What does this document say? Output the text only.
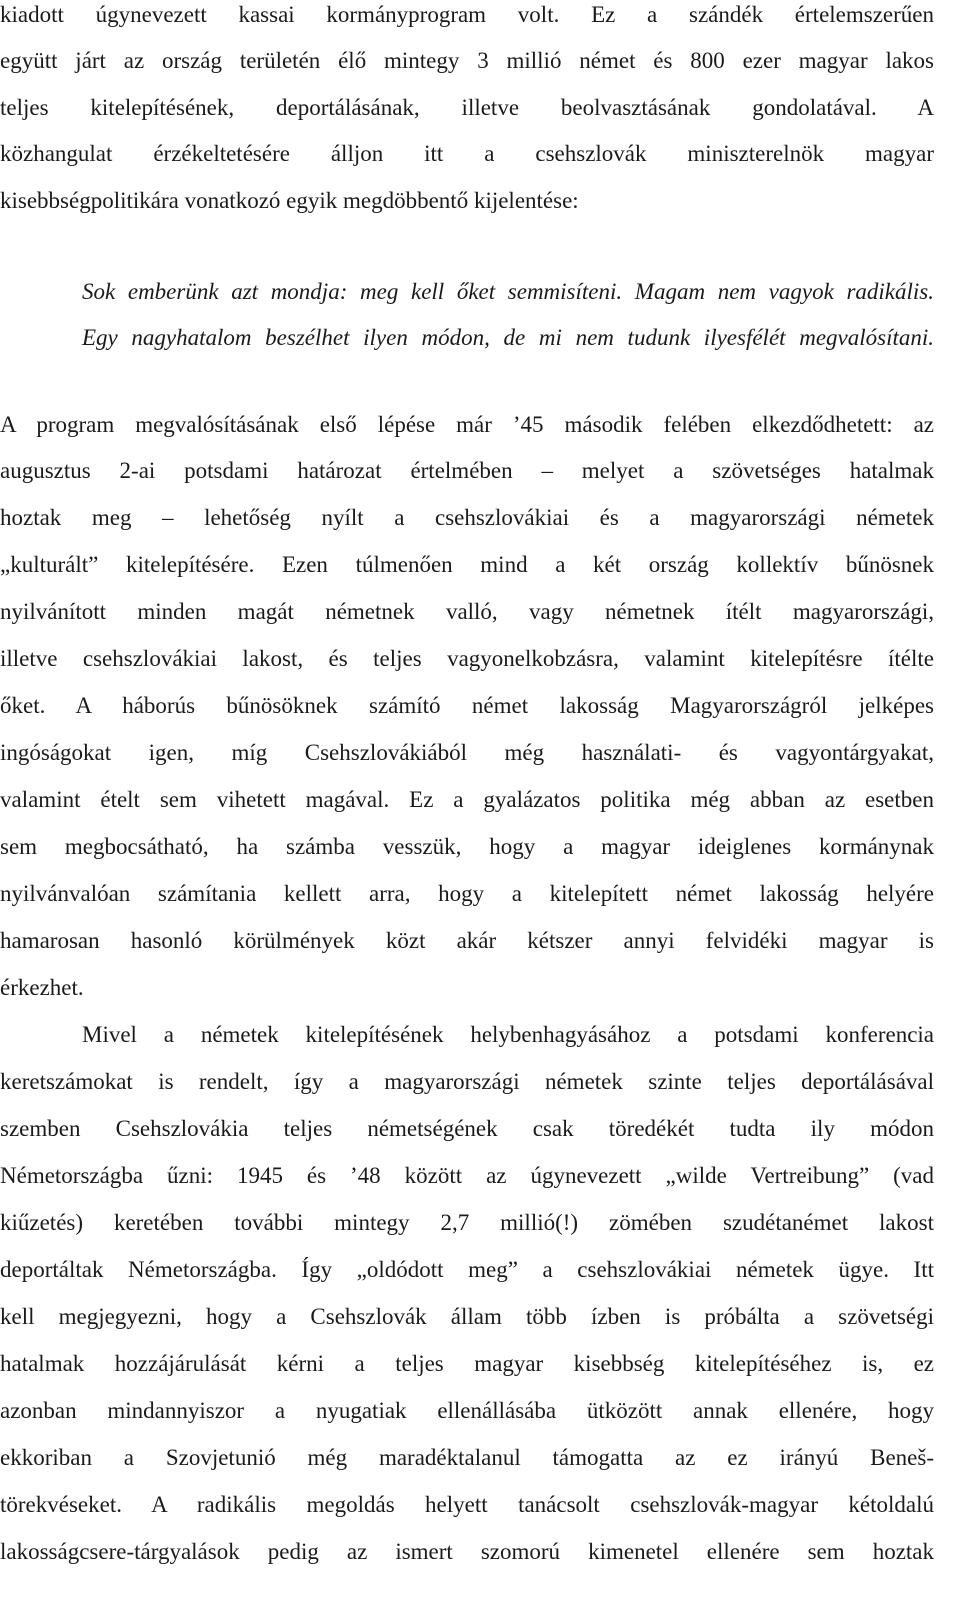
kiadott úgynevezett kassai kormányprogram volt. Ez a szándék értelemszerűen
együtt járt az ország területén élő mintegy 3 millió német és 800 ezer magyar lakos
teljes kitelepítésének, deportálásának, illetve beolvasztásának gondolatával. A
közhangulat érzékeltetésére álljon itt a csehszlovák miniszterelnök magyar
kisebbségpolitikára vonatkozó egyik megdöbbentő kijelentése:
Sok emberünk azt mondja: meg kell őket semmisíteni. Magam nem vagyok radikális.
Egy nagyhatalom beszélhet ilyen módon, de mi nem tudunk ilyesfélét megvalósítani.
A program megvalósításának első lépése már ’45 második felében elkezdődhetett: az
augusztus 2-ai potsdami határozat értelmében – melyet a szövetséges hatalmak
hoztak meg – lehetőség nyílt a csehszlovákiai és a magyarországi németek
„kulturált” kitelepítésére. Ezen túlmenően mind a két ország kollektív bűnösnek
nyilvánított minden magát németnek valló, vagy németnek ítélt magyarországi,
illetve csehszlovákiai lakost, és teljes vagyonelkobzásra, valamint kitelepítésre ítélte
őket. A háborús bűnösöknek számító német lakosság Magyarországról jelképes
ingóságokat igen, míg Csehszlovákiából még használati- és vagyontárgyakat,
valamint ételt sem vihetett magával. Ez a gyalázatos politika még abban az esetben
sem megbocsátható, ha számba vesszük, hogy a magyar ideiglenes kormánynak
nyilvánvalóan számítania kellett arra, hogy a kitelepített német lakosság helyére
hamarosan hasonló körülmények közt akár kétszer annyi felvidéki magyar is
érkezhet.
Mivel a németek kitelepítésének helybenhagyásához a potsdami konferencia
keretszámokat is rendelt, így a magyarországi németek szinte teljes deportálásával
szemben Csehszlovákia teljes németségének csak töredékét tudta ily módon
Németországba űzni: 1945 és ’48 között az úgynevezett „wilde Vertreibung” (vad
kiűzetés) keretében további mintegy 2,7 millió(!) zömében szudétanémet lakost
deportáltak Németországba. Így „oldódott meg” a csehszlovákiai németek ügye. Itt
kell megjegyezni, hogy a Csehszlovák állam több ízben is próbálta a szövetségi
hatalmak hozzájárulását kérni a teljes magyar kisebbség kitelepítéséhez is, ez
azonban mindannyiszor a nyugatiak ellenállásába ütközött annak ellenére, hogy
ekkoriban a Szovjetunió még maradéktalanul támogatta az ez irányú Beneš-
törekvéseket. A radikális megoldás helyett tanácsolt csehszlovák-magyar kétoldalú
lakosságcsere-tárgyalások pedig az ismert szomorú kimenetel ellenére sem hoztak
